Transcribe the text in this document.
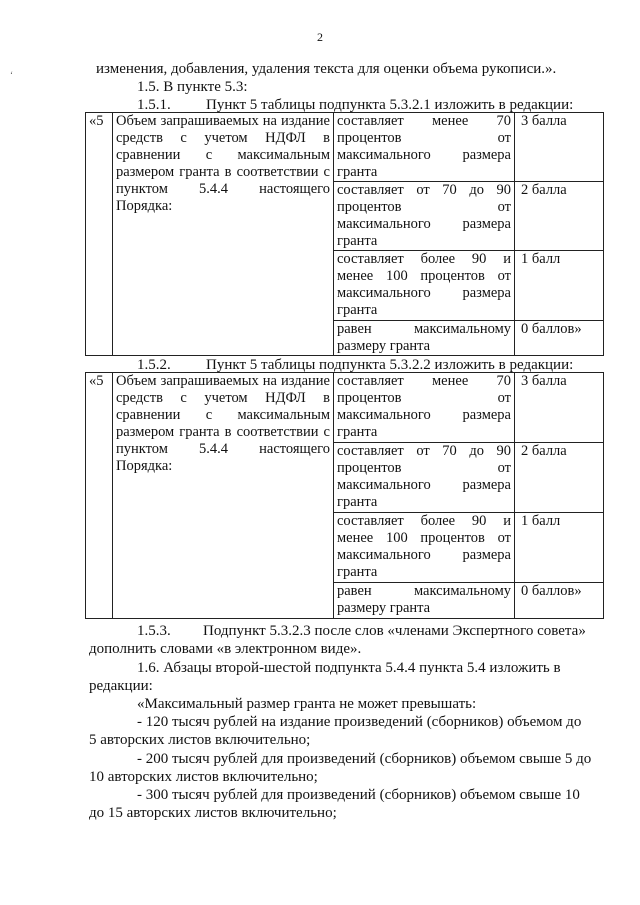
2
‘	изменения, добавления, удаления текста для оценки объема рукописи.».
1.5. В пункте 5.3:
1.5.1. Пункт 5 таблицы подпункта 5.3.2.1 изложить в редакции:
«5	Объем запрашиваемых на издание средств с учетом НДФЛ в сравнении с максимальным размером гранта в соответствии с пунктом 5.4.4 настоящего Порядка:	составляет менее 70 процентов от максимального размера гранта	3 балла
		составляет от 70 до 90 процентов от максимального размера гранта	2 балла
		составляет более 90 и менее 100 процентов от максимального размера гранта	1 балл
		равен максимальному размеру гранта	0 баллов»
1.5.2. Пункт 5 таблицы подпункта 5.3.2.2 изложить в редакции:
«5	Объем запрашиваемых на издание средств с учетом НДФЛ в сравнении с максимальным размером гранта в соответствии с пунктом 5.4.4 настоящего Порядка:	составляет менее 70 процентов от максимального размера гранта	3 балла
		составляет от 70 до 90 процентов от максимального размера гранта	2 балла
		составляет более 90 и менее 100 процентов от максимального размера гранта	1 балл
		равен максимальному размеру гранта	0 баллов»
1.5.3. Подпункт 5.3.2.3 после слов «членами Экспертного совета»
дополнить словами «в электронном виде».
1.6. Абзацы второй-шестой подпункта 5.4.4 пункта 5.4 изложить в
редакции:
«Максимальный размер гранта не может превышать:
- 120 тысяч рублей на издание произведений (сборников) объемом до
5 авторских листов включительно;
- 200 тысяч рублей для произведений (сборников) объемом свыше 5 до
10 авторских листов включительно;
- 300 тысяч рублей для произведений (сборников) объемом свыше 10
до 15 авторских листов включительно;
